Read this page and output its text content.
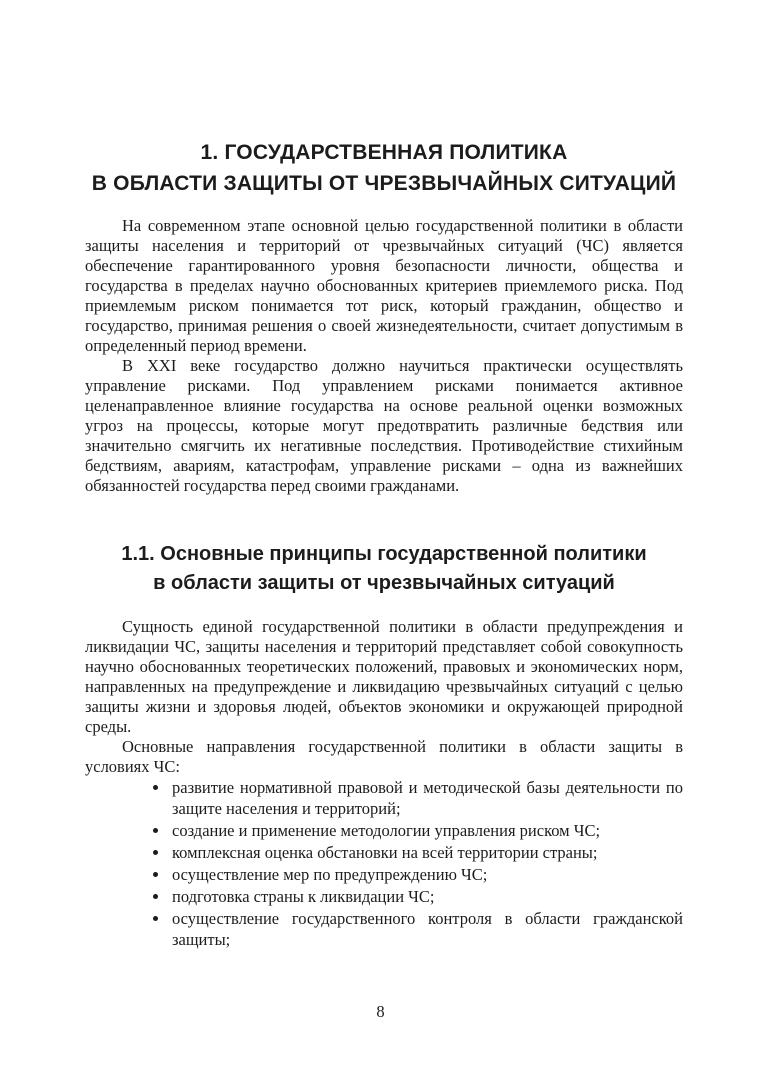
1. ГОСУДАРСТВЕННАЯ ПОЛИТИКА
В ОБЛАСТИ ЗАЩИТЫ ОТ ЧРЕЗВЫЧАЙНЫХ СИТУАЦИЙ

На современном этапе основной целью государственной политики в области защиты населения и территорий от чрезвычайных ситуаций (ЧС) является обеспечение гарантированного уровня безопасности личности, общества и государства в пределах научно обоснованных критериев приемлемого риска. Под приемлемым риском понимается тот риск, который гражданин, общество и государство, принимая решения о своей жизнедеятельности, считает допустимым в определенный период времени.

В XXI веке государство должно научиться практически осуществлять управление рисками. Под управлением рисками понимается активное целенаправленное влияние государства на основе реальной оценки возможных угроз на процессы, которые могут предотвратить различные бедствия или значительно смягчить их негативные последствия. Противодействие стихийным бедствиям, авариям, катастрофам, управление рисками – одна из важнейших обязанностей государства перед своими гражданами.

1.1. Основные принципы государственной политики
в области защиты от чрезвычайных ситуаций

Сущность единой государственной политики в области предупреждения и ликвидации ЧС, защиты населения и территорий представляет собой совокупность научно обоснованных теоретических положений, правовых и экономических норм, направленных на предупреждение и ликвидацию чрезвычайных ситуаций с целью защиты жизни и здоровья людей, объектов экономики и окружающей природной среды.

Основные направления государственной политики в области защиты в условиях ЧС:

• развитие нормативной правовой и методической базы деятельности по защите населения и территорий;
• создание и применение методологии управления риском ЧС;
• комплексная оценка обстановки на всей территории страны;
• осуществление мер по предупреждению ЧС;
• подготовка страны к ликвидации ЧС;
• осуществление государственного контроля в области гражданской защиты;
8
